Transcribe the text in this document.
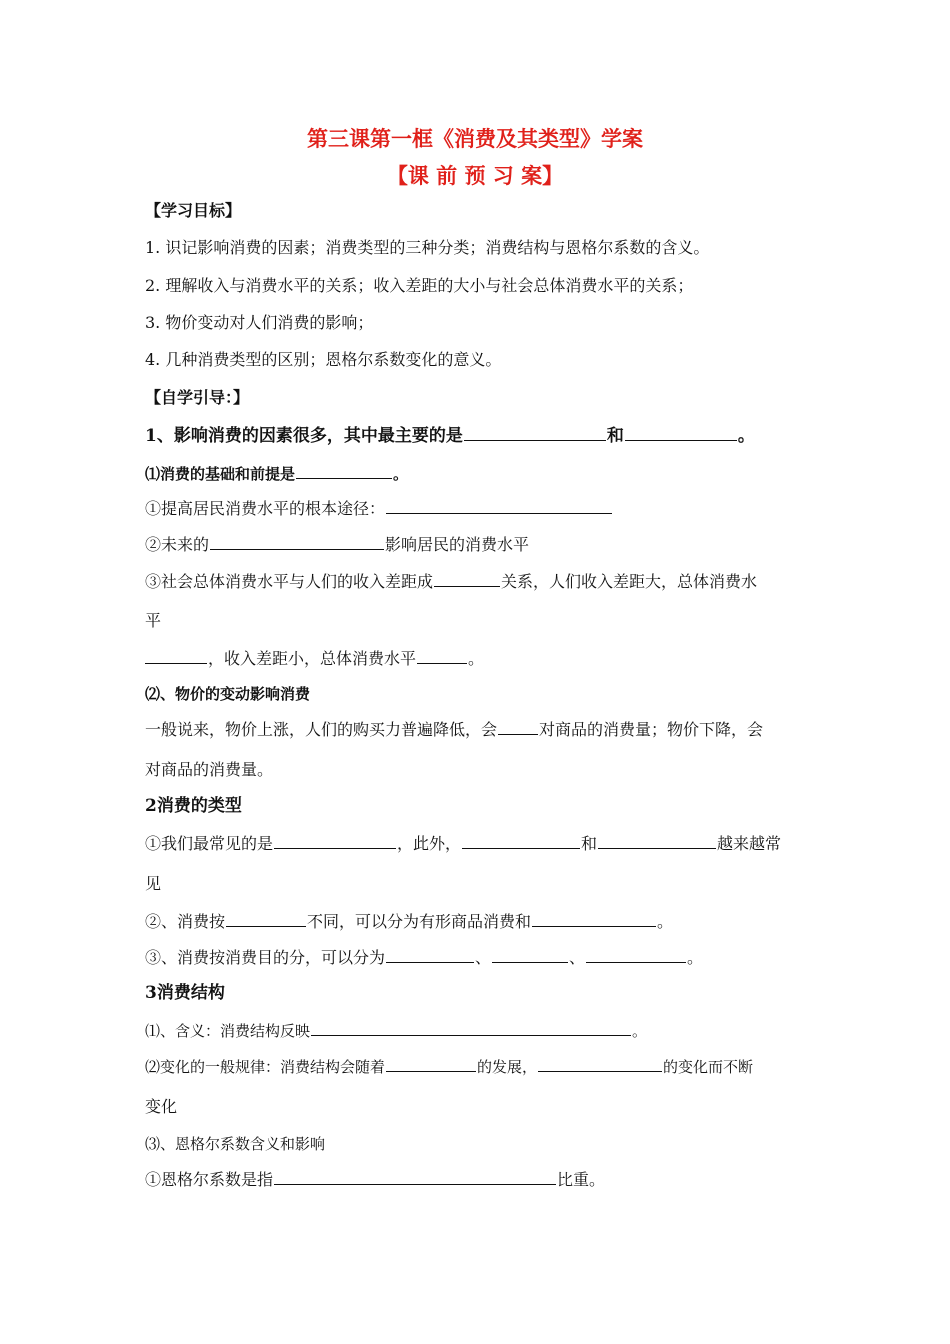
第三课第一框《消费及其类型》学案
【课 前 预 习 案】
【学习目标】
1. 识记影响消费的因素；消费类型的三种分类；消费结构与恩格尔系数的含义。
2. 理解收入与消费水平的关系；收入差距的大小与社会总体消费水平的关系；
3. 物价变动对人们消费的影响；
4. 几种消费类型的区别；恩格尔系数变化的意义。
【自学引导：】
1、影响消费的因素很多，其中最主要的是	和	。
⑴消费的基础和前提是	。
①提高居民消费水平的根本途径：
②未来的	影响居民的消费水平
③社会总体消费水平与人们的收入差距成	关系，人们收入差距大，总体消费水
平
，收入差距小，总体消费水平	。
⑵、物价的变动影响消费
一般说来，物价上涨，人们的购买力普遍降低，会	对商品的消费量；物价下降，会
对商品的消费量。
2消费的类型
①我们最常见的是	，此外，	和	越来越常
见
②、消费按	不同，可以分为有形商品消费和	。
③、消费按消费目的分，可以分为	、	、	。
3消费结构
⑴、含义：消费结构反映	。
⑵变化的一般规律：消费结构会随着	的发展，	的变化而不断
变化
⑶、恩格尔系数含义和影响
①恩格尔系数是指	比重。
